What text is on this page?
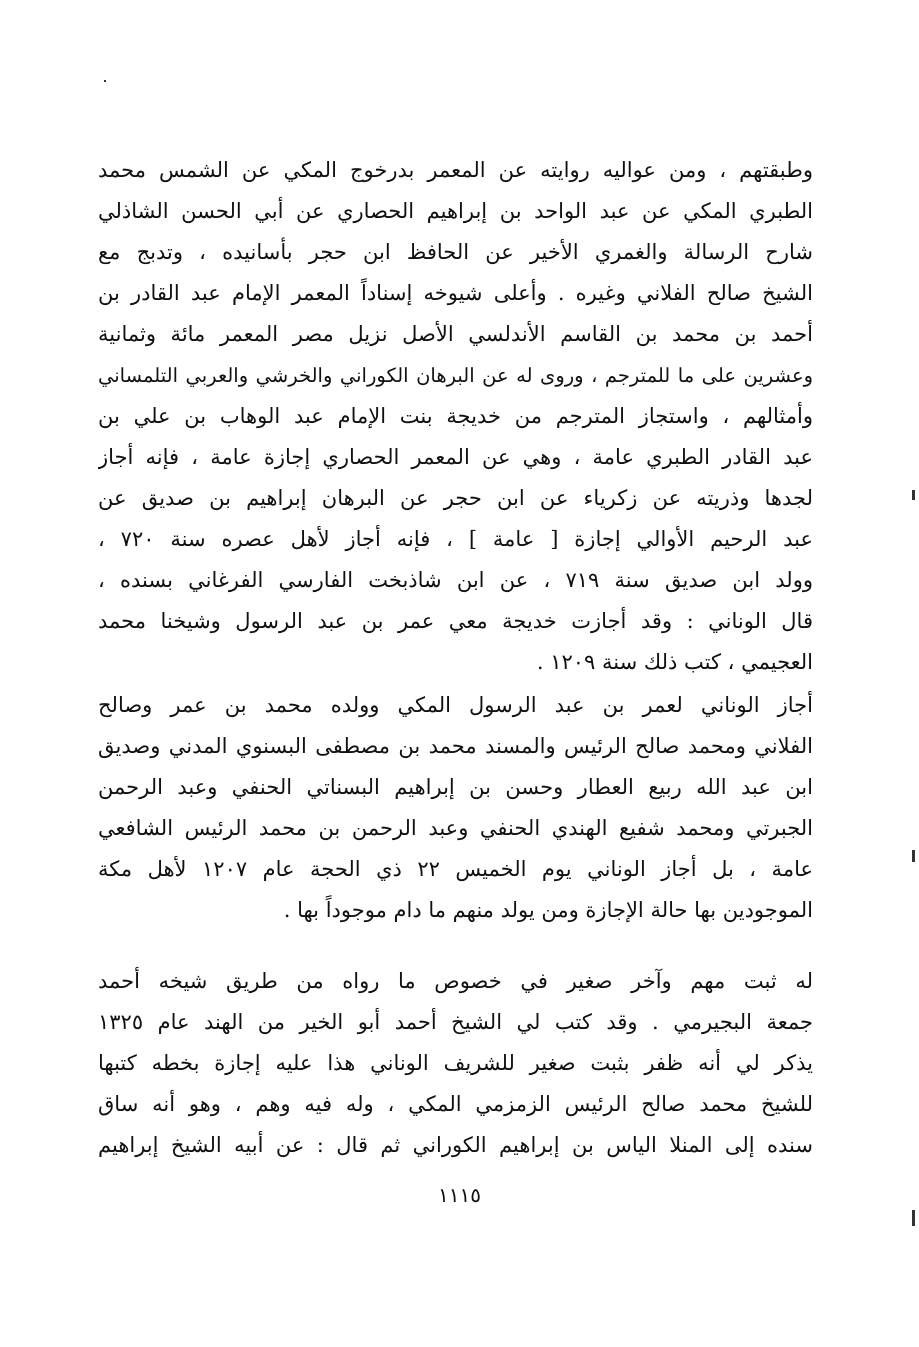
وطبقتهم ، ومن عواليه روايته عن المعمر بدرخوج المكي عن الشمس محمد
الطبري المكي عن عبد الواحد بن إبراهيم الحصاري عن أبي الحسن الشاذلي
شارح الرسالة والغمري الأخير عن الحافظ ابن حجر بأسانيده ، وتدبج مع
الشيخ صالح الفلاني وغيره . وأعلى شيوخه إسناداً المعمر الإمام عبد القادر بن
أحمد بن محمد بن القاسم الأندلسي الأصل نزيل مصر المعمر مائة وثمانية
وعشرين على ما للمترجم ، وروى له عن البرهان الكوراني والخرشي والعربي التلمساني
وأمثالهم ، واستجاز المترجم من خديجة بنت الإمام عبد الوهاب بن علي بن
عبد القادر الطبري عامة ، وهي عن المعمر الحصاري إجازة عامة ، فإنه أجاز
لجدها وذريته عن زكرياء عن ابن حجر عن البرهان إبراهيم بن صديق عن
عبد الرحيم الأوالي إجازة [ عامة ] ، فإنه أجاز لأهل عصره سنة ٧٢٠ ،
وولد ابن صديق سنة ٧١٩ ، عن ابن شاذبخت الفارسي الفرغاني بسنده ،
قال الوناني : وقد أجازت خديجة معي عمر بن عبد الرسول وشيخنا محمد
العجيمي ، كتب ذلك سنة ١٢٠٩ .
أجاز الوناني لعمر بن عبد الرسول المكي وولده محمد بن عمر وصالح
الفلاني ومحمد صالح الرئيس والمسند محمد بن مصطفى البسنوي المدني وصديق
ابن عبد الله ربيع العطار وحسن بن إبراهيم البسناتي الحنفي وعبد الرحمن
الجبرتي ومحمد شفيع الهندي الحنفي وعبد الرحمن بن محمد الرئيس الشافعي
عامة ، بل أجاز الوناني يوم الخميس ٢٢ ذي الحجة عام ١٢٠٧ لأهل مكة
الموجودين بها حالة الإجازة ومن يولد منهم ما دام موجوداً بها .
له ثبت مهم وآخر صغير في خصوص ما رواه من طريق شيخه أحمد
جمعة البجيرمي . وقد كتب لي الشيخ أحمد أبو الخير من الهند عام ١٣٢٥
يذكر لي أنه ظفر بثبت صغير للشريف الوناني هذا عليه إجازة بخطه كتبها
للشيخ محمد صالح الرئيس الزمزمي المكي ، وله فيه وهم ، وهو أنه ساق
سنده إلى المنلا الياس بن إبراهيم الكوراني ثم قال : عن أبيه الشيخ إبراهيم
١١١٥
